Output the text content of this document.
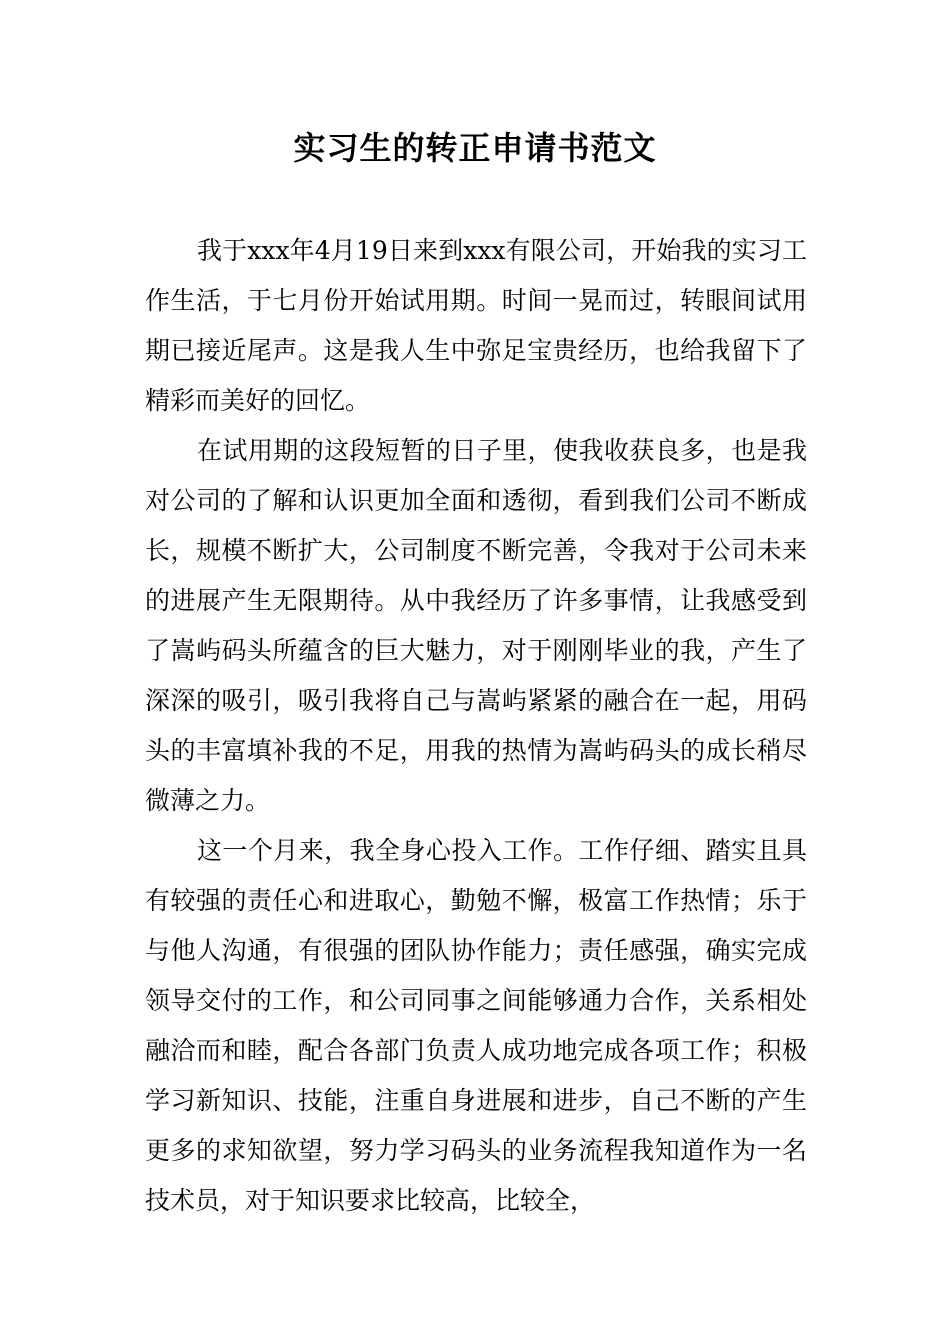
实习生的转正申请书范文

我于xxx年4月19日来到xxx有限公司，开始我的实习工作生活，于七月份开始试用期。时间一晃而过，转眼间试用期已接近尾声。这是我人生中弥足宝贵经历，也给我留下了精彩而美好的回忆。

在试用期的这段短暂的日子里，使我收获良多，也是我对公司的了解和认识更加全面和透彻，看到我们公司不断成长，规模不断扩大，公司制度不断完善，令我对于公司未来的进展产生无限期待。从中我经历了许多事情，让我感受到了嵩屿码头所蕴含的巨大魅力，对于刚刚毕业的我，产生了深深的吸引，吸引我将自己与嵩屿紧紧的融合在一起，用码头的丰富填补我的不足，用我的热情为嵩屿码头的成长稍尽微薄之力。

这一个月来，我全身心投入工作。工作仔细、踏实且具有较强的责任心和进取心，勤勉不懈，极富工作热情；乐于与他人沟通，有很强的团队协作能力；责任感强，确实完成领导交付的工作，和公司同事之间能够通力合作，关系相处融洽而和睦，配合各部门负责人成功地完成各项工作；积极学习新知识、技能，注重自身进展和进步，自己不断的产生更多的求知欲望，努力学习码头的业务流程我知道作为一名技术员，对于知识要求比较高，比较全，
